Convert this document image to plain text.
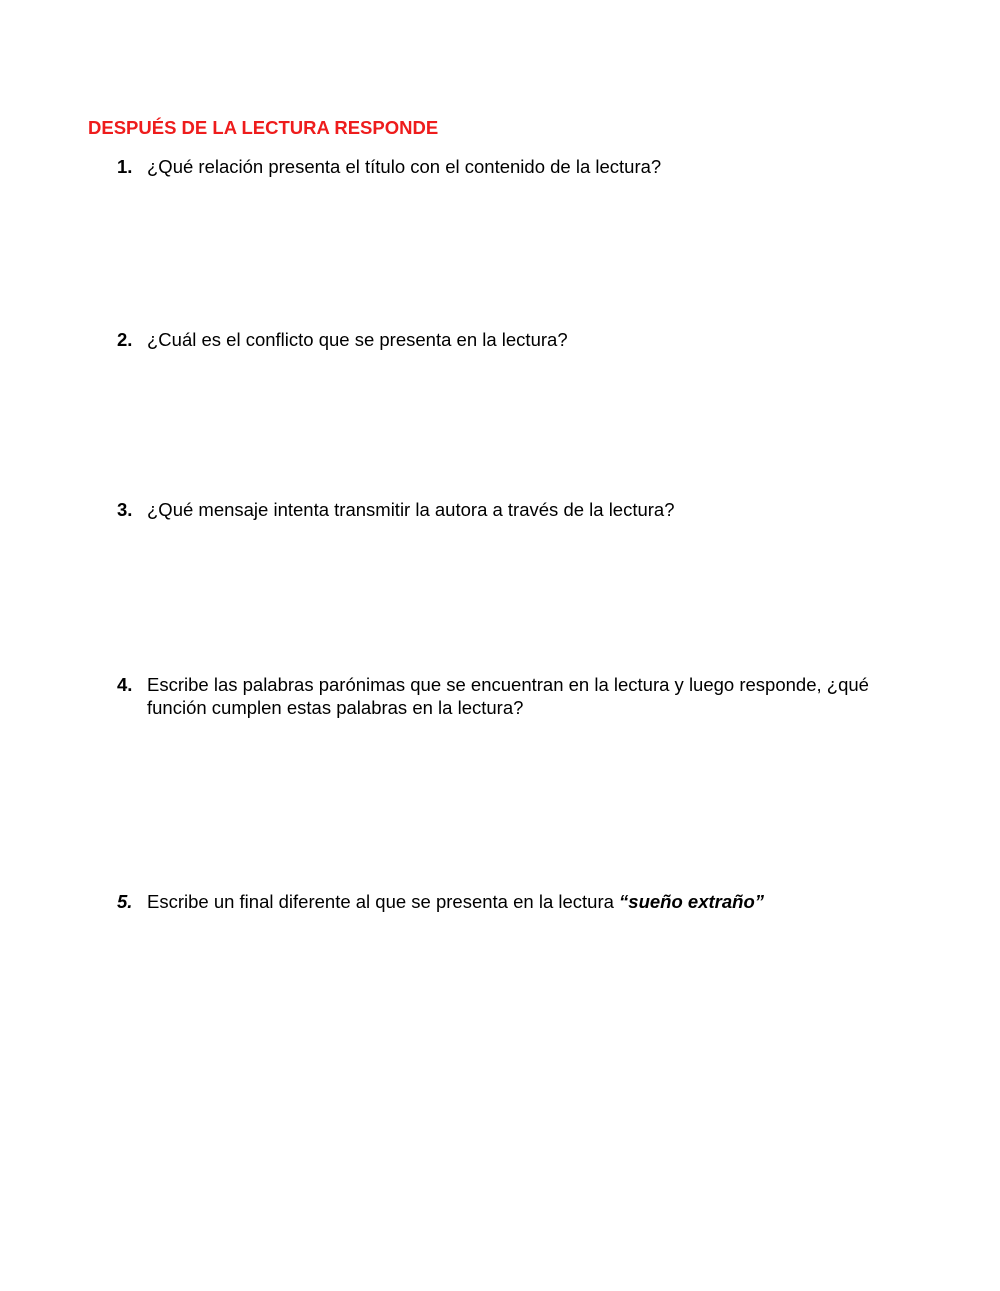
DESPUÉS DE LA LECTURA RESPONDE
1. ¿Qué relación presenta el título con el contenido de la lectura?
2. ¿Cuál es el conflicto que se presenta en la lectura?
3. ¿Qué mensaje intenta transmitir la autora a través de la lectura?
4. Escribe las palabras parónimas que se encuentran en la lectura y luego responde, ¿qué función cumplen estas palabras en la lectura?
5. Escribe un final diferente al que se presenta en la lectura “sueño extraño”
